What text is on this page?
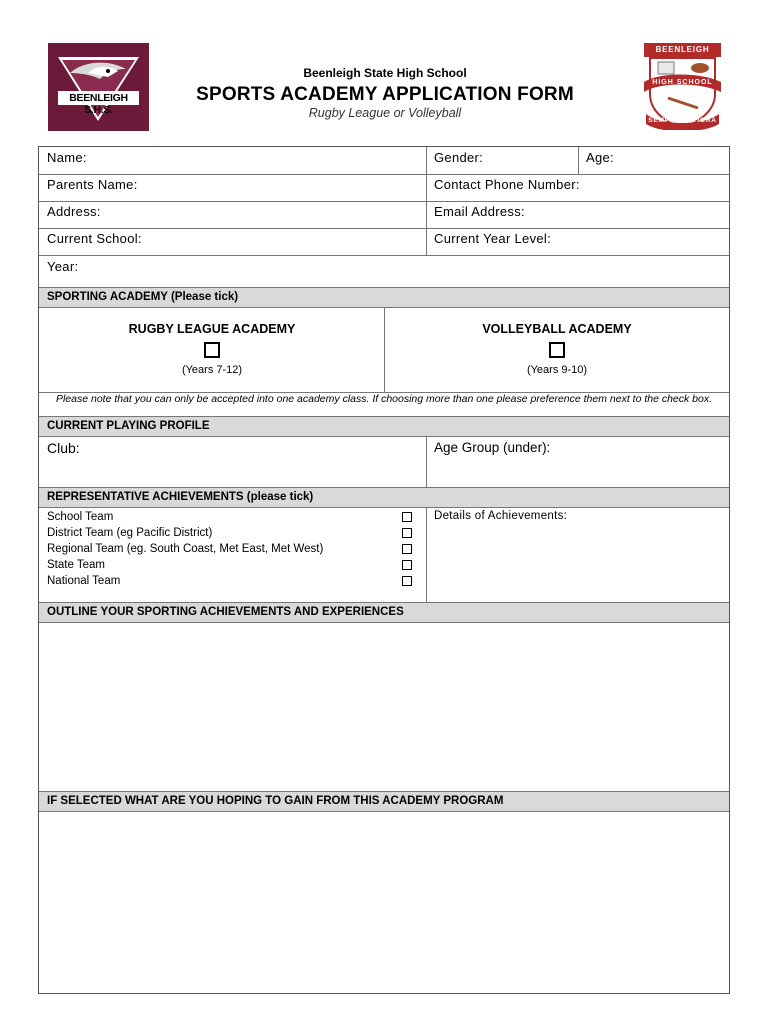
BEENLEIGH S.H.S.
BEENLEIGH
HIGH SCHOOL
SEMPER ALTIORA
Beenleigh State High School
SPORTS ACADEMY APPLICATION FORM
Rugby League or Volleyball
Name:	Gender:	Age:
Parents Name:	Contact Phone Number:
Address:	Email Address:
Current School:	Current Year Level:
Year:
SPORTING ACADEMY (Please tick)
RUGBY LEAGUE ACADEMY
(Years 7-12)
VOLLEYBALL ACADEMY
(Years 9-10)
Please note that you can only be accepted into one academy class. If choosing more than one please preference them next to the check box.
CURRENT PLAYING PROFILE
Club:	Age Group (under):
REPRESENTATIVE ACHIEVEMENTS (please tick)
School Team
District Team (eg Pacific District)
Regional Team (eg. South Coast, Met East, Met West)
State Team
National Team
Details of Achievements:
OUTLINE YOUR SPORTING ACHIEVEMENTS AND EXPERIENCES
IF SELECTED WHAT ARE YOU HOPING TO GAIN FROM THIS ACADEMY PROGRAM
